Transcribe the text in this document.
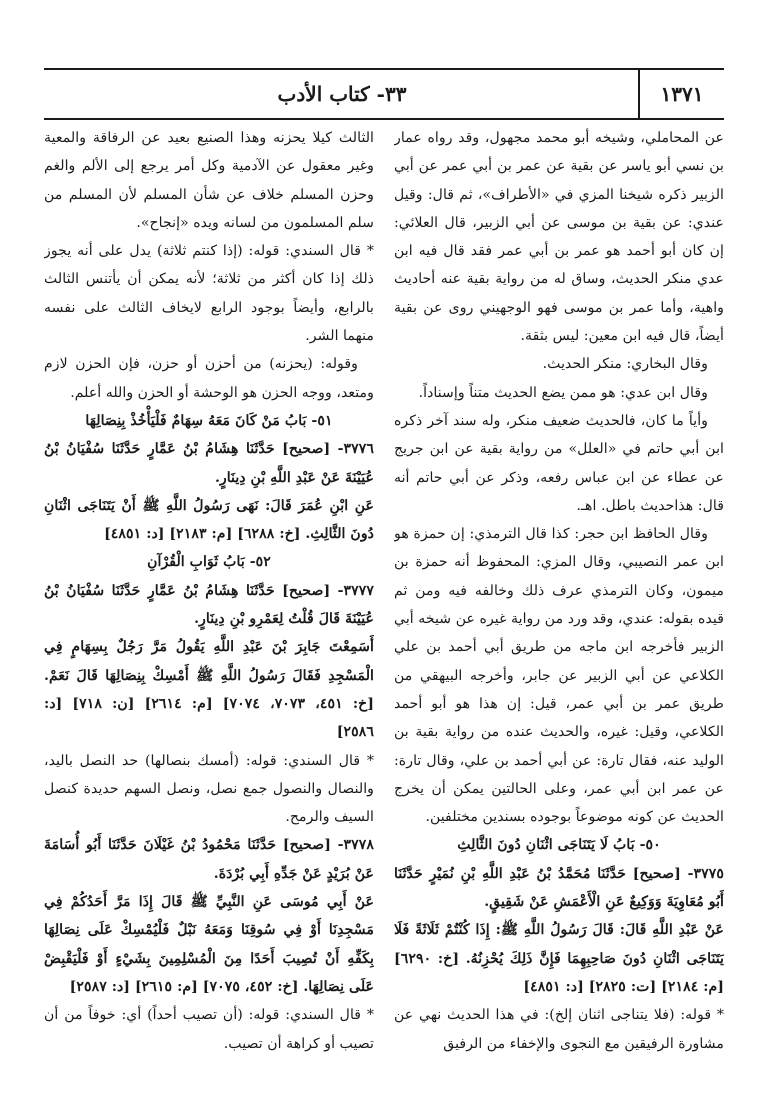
٣٣- كتاب الأدب	١٣٧١

عن المحاملي، وشيخه أبو محمد مجهول، وقد رواه عمار بن نسي أبو ياسر عن بقية عن عمر بن أبي عمر عن أبي الزبير ذكره شيخنا المزي في «الأطراف»، ثم قال: وقيل عندي: عن بقية بن موسى عن أبي الزبير، قال العلائي: إن كان أبو أحمد هو عمر بن أبي عمر فقد قال فيه ابن عدي منكر الحديث، وساق له من رواية بقية عنه أحاديث واهية، وأما عمر بن موسى فهو الوجهيني روى عن بقية أيضاً، قال فيه ابن معين: ليس بثقة.

وقال البخاري: منكر الحديث.

وقال ابن عدي: هو ممن يضع الحديث متناً وإسناداً.

وأياً ما كان، فالحديث ضعيف منكر، وله سند آخر ذكره ابن أبي حاتم في «العلل» من رواية بقية عن ابن جريج عن عطاء عن ابن عباس رفعه، وذكر عن أبي حاتم أنه قال: هذاحديث باطل. اهـ.

وقال الحافظ ابن حجر: كذا قال الترمذي: إن حمزة هو ابن عمر النصيبي، وقال المزي: المحفوظ أنه حمزة بن ميمون، وكان الترمذي عرف ذلك وخالفه فيه ومن ثم قيده بقوله: عندي، وقد ورد من رواية غيره عن شيخه أبي الزبير فأخرجه ابن ماجه من طريق أبي أحمد بن علي الكلاعي عن أبي الزبير عن جابر، وأخرجه البيهقي من طريق عمر بن أبي عمر، قيل: إن هذا هو أبو أحمد الكلاعي، وقيل: غيره، والحديث عنده من رواية بقية بن الوليد عنه، فقال تارة: عن أبي أحمد بن علي، وقال تارة: عن عمر ابن أبي عمر، وعلى الحالتين يمكن أن يخرج الحديث عن كونه موضوعاً بوجوده بسندين مختلفين.

٥٠- بَابُ لَا يَتَنَاجَى اثْنَانِ دُونَ الثَّالِثِ

٣٧٧٥- [صحيح] حَدَّثَنَا مُحَمَّدُ بْنُ عَبْدِ اللَّهِ بْنِ نُمَيْرٍ حَدَّثَنَا أَبُو مُعَاوِيَةَ وَوَكِيعٌ عَنِ الْأَعْمَشِ عَنْ شَقِيقٍ.

عَنْ عَبْدِ اللَّهِ قَالَ: قَالَ رَسُولُ اللَّهِ ﷺ: إِذَا كُنْتُمْ ثَلَاثَةً فَلَا يَتَنَاجَى اثْنَانِ دُونَ صَاحِبِهِمَا فَإِنَّ ذَلِكَ يُحْزِنُهُ. [خ: ٦٢٩٠] [م: ٢١٨٤] [ت: ٢٨٢٥] [د: ٤٨٥١]

* قوله: (فلا يتناجى اثنان إلخ): في هذا الحديث نهي عن مشاورة الرفيقين مع النجوى والإخفاء من الرفيق

الثالث كيلا يحزنه وهذا الصنيع بعيد عن الرفاقة والمعية وغير معقول عن الآدمية وكل أمر يرجع إلى الألم والغم وحزن المسلم خلاف عن شأن المسلم لأن المسلم من سلم المسلمون من لسانه ويده «إنجاح».

* قال السندي: قوله: (إذا كنتم ثلاثة) يدل على أنه يجوز ذلك إذا كان أكثر من ثلاثة؛ لأنه يمكن أن يأتنس الثالث بالرابع، وأيضاً بوجود الرابع لايخاف الثالث على نفسه منهما الشر.

وقوله: (يحزنه) من أحزن أو حزن، فإن الحزن لازم ومتعد، ووجه الحزن هو الوحشة أو الحزن والله أعلم.

٥١- بَابُ مَنْ كَانَ مَعَهُ سِهَامٌ فَلْيَأْخُذْ بِنِصَالِهَا

٣٧٧٦- [صحيح] حَدَّثَنَا هِشَامُ بْنُ عَمَّارٍ حَدَّثَنَا سُفْيَانُ بْنُ عُيَيْنَةَ عَنْ عَبْدِ اللَّهِ بْنِ دِينَارٍ.

عَنِ ابْنِ عُمَرَ قَالَ: نَهَى رَسُولُ اللَّهِ ﷺ أَنْ يَتَنَاجَى اثْنَانِ دُونَ الثَّالِثِ. [خ: ٦٢٨٨] [م: ٢١٨٣] [د: ٤٨٥١]

٥٢- بَابُ ثَوَابِ الْقُرْآنِ

٣٧٧٧- [صحيح] حَدَّثَنَا هِشَامُ بْنُ عَمَّارٍ حَدَّثَنَا سُفْيَانُ بْنُ عُيَيْنَةَ قَالَ قُلْتُ لِعَمْرِو بْنِ دِينَارٍ.

أَسَمِعْتَ جَابِرَ بْنَ عَبْدِ اللَّهِ يَقُولُ مَرَّ رَجُلٌ بِسِهَامٍ فِي الْمَسْجِدِ فَقَالَ رَسُولُ اللَّهِ ﷺ أَمْسِكْ بِنِصَالِهَا قَالَ نَعَمْ. [خ: ٤٥١، ٧٠٧٣، ٧٠٧٤] [م: ٢٦١٤] [ن: ٧١٨] [د: ٢٥٨٦]

* قال السندي: قوله: (أمسك بنصالها) حد النصل باليد، والنصال والنصول جمع نصل، ونصل السهم حديدة كنصل السيف والرمح.

٣٧٧٨- [صحيح] حَدَّثَنَا مَحْمُودُ بْنُ غَيْلَانَ حَدَّثَنَا أَبُو أُسَامَةَ عَنْ بُرَيْدٍ عَنْ جَدِّهِ أَبِي بُرْدَةَ.

عَنْ أَبِي مُوسَى عَنِ النَّبِيِّ ﷺ قَالَ إِذَا مَرَّ أَحَدُكُمْ فِي مَسْجِدِنَا أَوْ فِي سُوقِنَا وَمَعَهُ نَبْلٌ فَلْيُمْسِكْ عَلَى نِصَالِهَا بِكَفِّهِ أَنْ تُصِيبَ أَحَدًا مِنَ الْمُسْلِمِينَ بِشَيْءٍ أَوْ فَلْيَقْبِضْ عَلَى نِصَالِهَا. [خ: ٤٥٢، ٧٠٧٥] [م: ٢٦١٥] [د: ٢٥٨٧]

* قال السندي: قوله: (أن تصيب أحداً) أي: خوفاً من أن تصيب أو كراهة أن تصيب.
